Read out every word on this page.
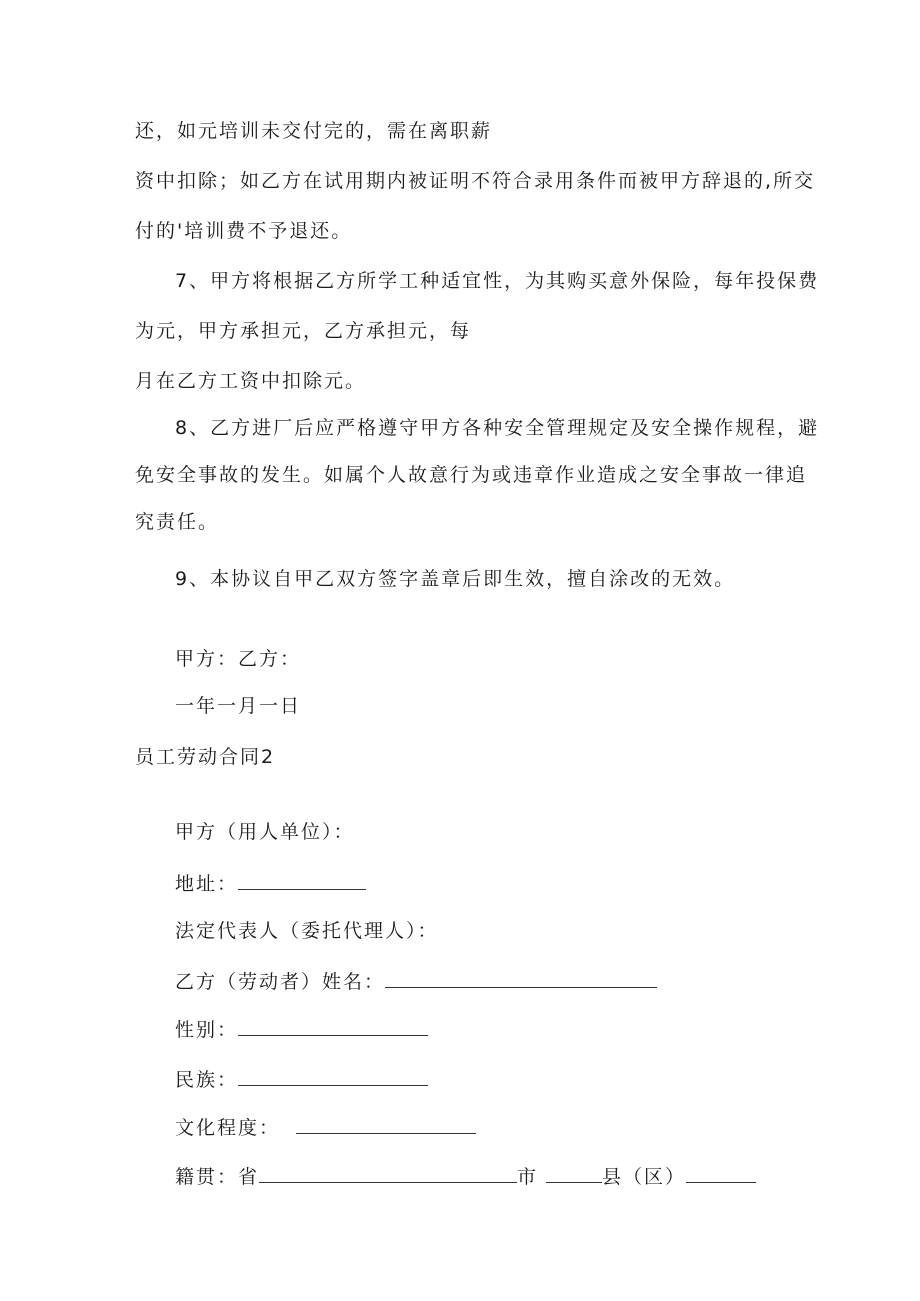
还，如元培训未交付完的，需在离职薪
资中扣除；如乙方在试用期内被证明不符合录用条件而被甲方辞退的,所交
付的'培训费不予退还。
7、甲方将根据乙方所学工种适宜性，为其购买意外保险，每年投保费
为元，甲方承担元，乙方承担元，每
月在乙方工资中扣除元。
8、乙方进厂后应严格遵守甲方各种安全管理规定及安全操作规程，避
免安全事故的发生。如属个人故意行为或违章作业造成之安全事故一律追
究责任。
9、本协议自甲乙双方签字盖章后即生效，擅自涂改的无效。
甲方：乙方：
一年一月一日
员工劳动合同2
甲方（用人单位）：
地址：
法定代表人（委托代理人）：
乙方（劳动者）姓名：
性别：
民族：
文化程度：
籍贯：省	市	县（区）
